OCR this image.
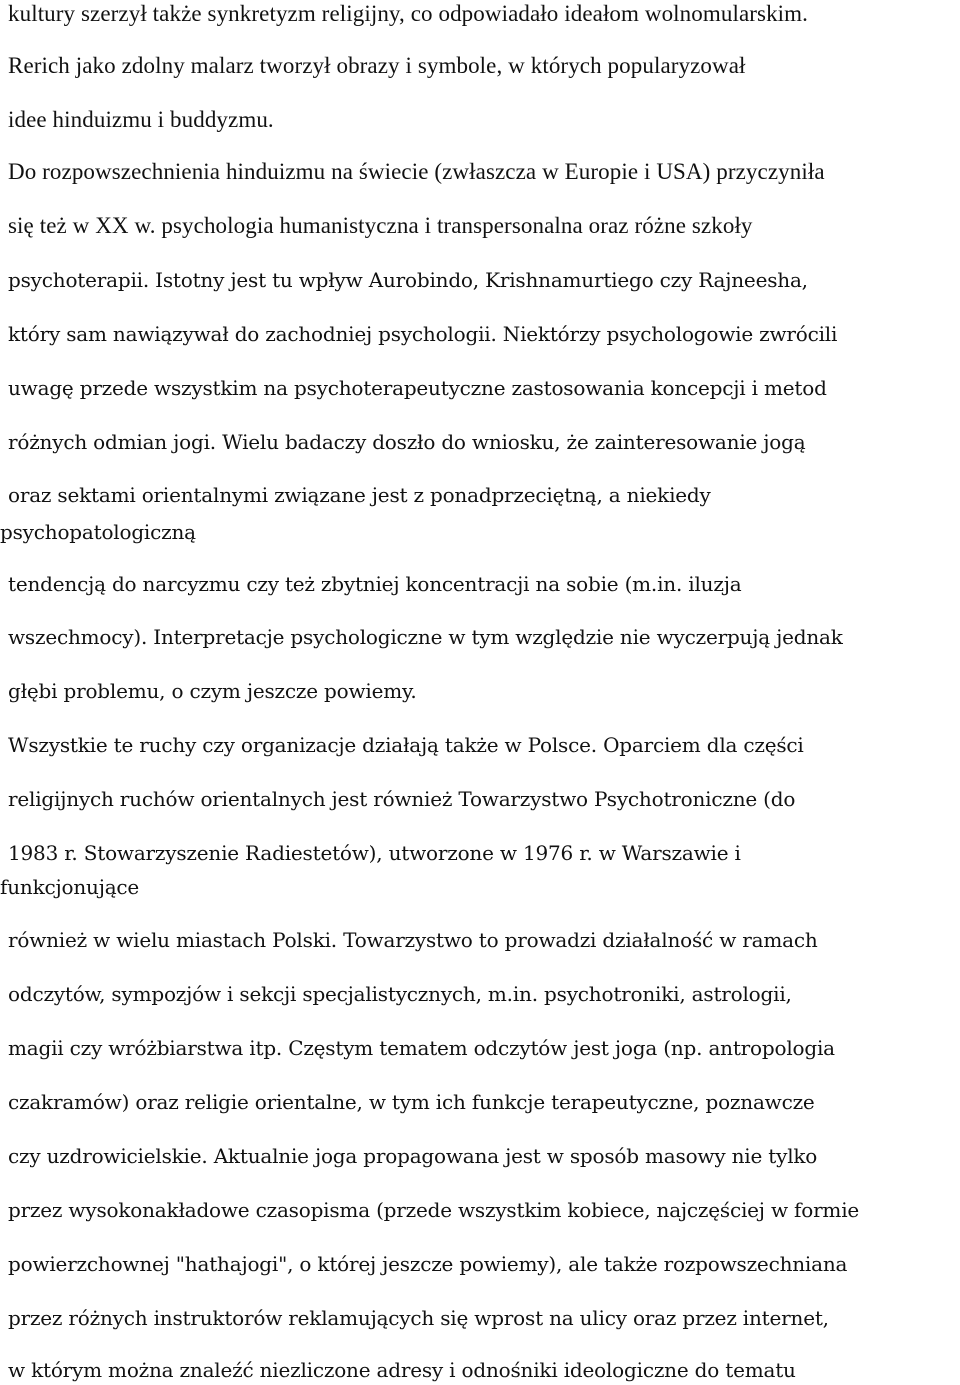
kultury szerzył także synkretyzm religijny, co odpowiadało ideałom wolnomularskim.
Rerich jako zdolny malarz tworzył obrazy i symbole, w których popularyzował
idee hinduizmu i buddyzmu.
Do rozpowszechnienia hinduizmu na świecie (zwłaszcza w Europie i USA) przyczyniła
się też w XX w. psychologia humanistyczna i transpersonalna oraz różne szkoły
psychoterapii. Istotny jest tu wpływ Aurobindo, Krishnamurtiego czy Rajneesha,
który sam nawiązywał do zachodniej psychologii. Niektórzy psychologowie zwrócili
uwagę przede wszystkim na psychoterapeutyczne zastosowania koncepcji i metod
różnych odmian jogi. Wielu badaczy doszło do wniosku, że zainteresowanie jogą
oraz sektami orientalnymi związane jest z ponadprzeciętną, a niekiedy
psychopatologiczną
tendencją do narcyzmu czy też zbytniej koncentracji na sobie (m.in. iluzja
wszechmocy). Interpretacje psychologiczne w tym względzie nie wyczerpują jednak
głębi problemu, o czym jeszcze powiemy.
Wszystkie te ruchy czy organizacje działają także w Polsce. Oparciem dla części
religijnych ruchów orientalnych jest również Towarzystwo Psychotroniczne (do
1983 r. Stowarzyszenie Radiestetów), utworzone w 1976 r. w Warszawie i
funkcjonujące
również w wielu miastach Polski. Towarzystwo to prowadzi działalność w ramach
odczytów, sympozjów i sekcji specjalistycznych, m.in. psychotroniki, astrologii,
magii czy wróżbiarstwa itp. Częstym tematem odczytów jest joga (np. antropologia
czakramów) oraz religie orientalne, w tym ich funkcje terapeutyczne, poznawcze
czy uzdrowicielskie. Aktualnie joga propagowana jest w sposób masowy nie tylko
przez wysokonakładowe czasopisma (przede wszystkim kobiece, najczęściej w formie
powierzchownej "hathajogi", o której jeszcze powiemy), ale także rozpowszechniana
przez różnych instruktorów reklamujących się wprost na ulicy oraz przez internet,
w którym można znaleźć niezliczone adresy i odnośniki ideologiczne do tematu
